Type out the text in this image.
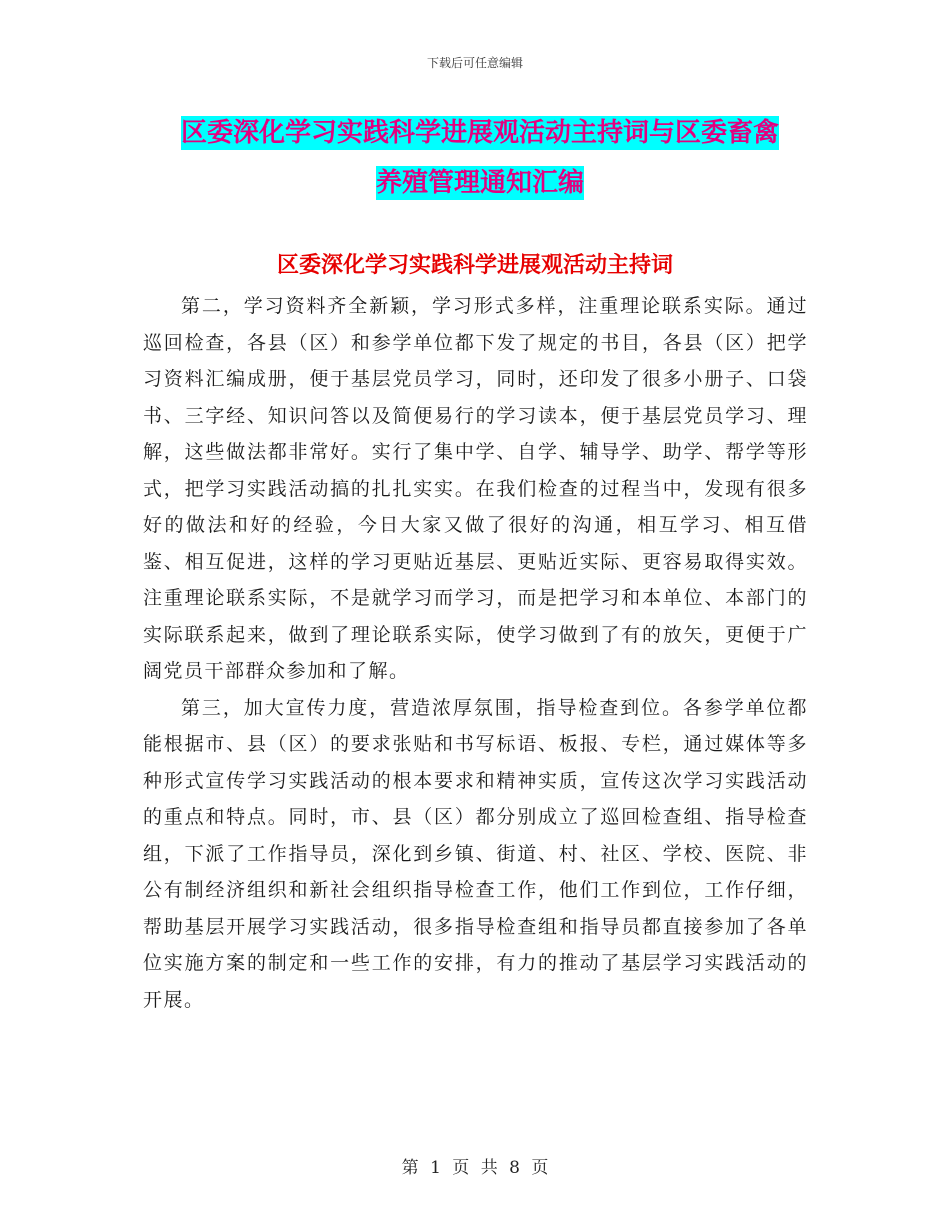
下载后可任意编辑
区委深化学习实践科学进展观活动主持词与区委畜禽
养殖管理通知汇编
区委深化学习实践科学进展观活动主持词

第二，学习资料齐全新颖，学习形式多样，注重理论联系实际。通过巡回检查，各县（区）和参学单位都下发了规定的书目，各县（区）把学习资料汇编成册，便于基层党员学习，同时，还印发了很多小册子、口袋书、三字经、知识问答以及简便易行的学习读本，便于基层党员学习、理解，这些做法都非常好。实行了集中学、自学、辅导学、助学、帮学等形式，把学习实践活动搞的扎扎实实。在我们检查的过程当中，发现有很多好的做法和好的经验，今日大家又做了很好的沟通，相互学习、相互借鉴、相互促进，这样的学习更贴近基层、更贴近实际、更容易取得实效。注重理论联系实际，不是就学习而学习，而是把学习和本单位、本部门的实际联系起来，做到了理论联系实际，使学习做到了有的放矢，更便于广阔党员干部群众参加和了解。

第三，加大宣传力度，营造浓厚氛围，指导检查到位。各参学单位都能根据市、县（区）的要求张贴和书写标语、板报、专栏，通过媒体等多种形式宣传学习实践活动的根本要求和精神实质，宣传这次学习实践活动的重点和特点。同时，市、县（区）都分别成立了巡回检查组、指导检查组，下派了工作指导员，深化到乡镇、街道、村、社区、学校、医院、非公有制经济组织和新社会组织指导检查工作，他们工作到位，工作仔细，帮助基层开展学习实践活动，很多指导检查组和指导员都直接参加了各单位实施方案的制定和一些工作的安排，有力的推动了基层学习实践活动的开展。

第 1 页 共 8 页
